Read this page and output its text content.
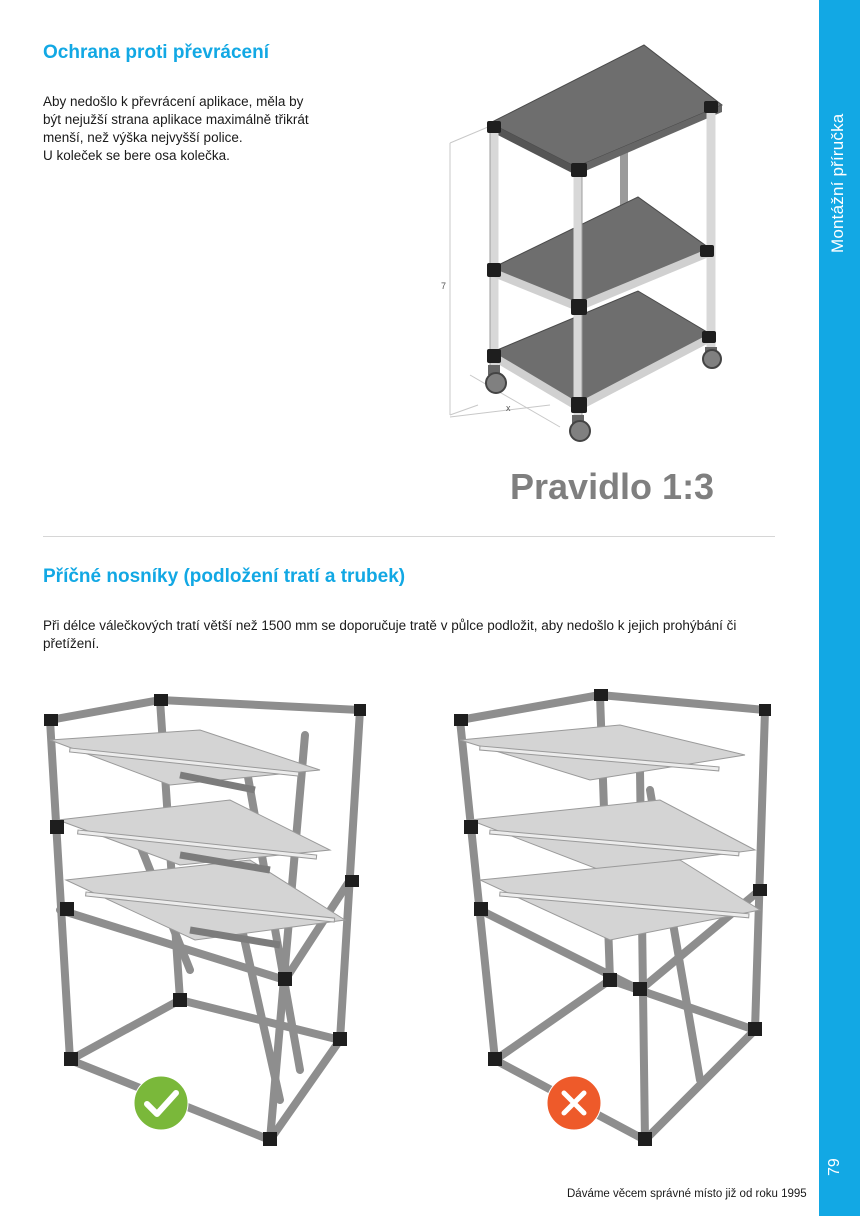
Montážní příručka
79
Ochrana proti převrácení

Aby nedošlo k převrácení aplikace, měla by
být nejužší strana aplikace maximálně třikrát
menší, než výška nejvyšší police.
U koleček se bere osa kolečka.

7
x
Pravidlo 1:3
Příčné nosníky (podložení tratí a trubek)

Při délce válečkových tratí větší než 1500 mm se doporučuje tratě v půlce podložit, aby nedošlo k jejich prohýbání či přetížení.

Dáváme věcem správné místo již od roku 1995
